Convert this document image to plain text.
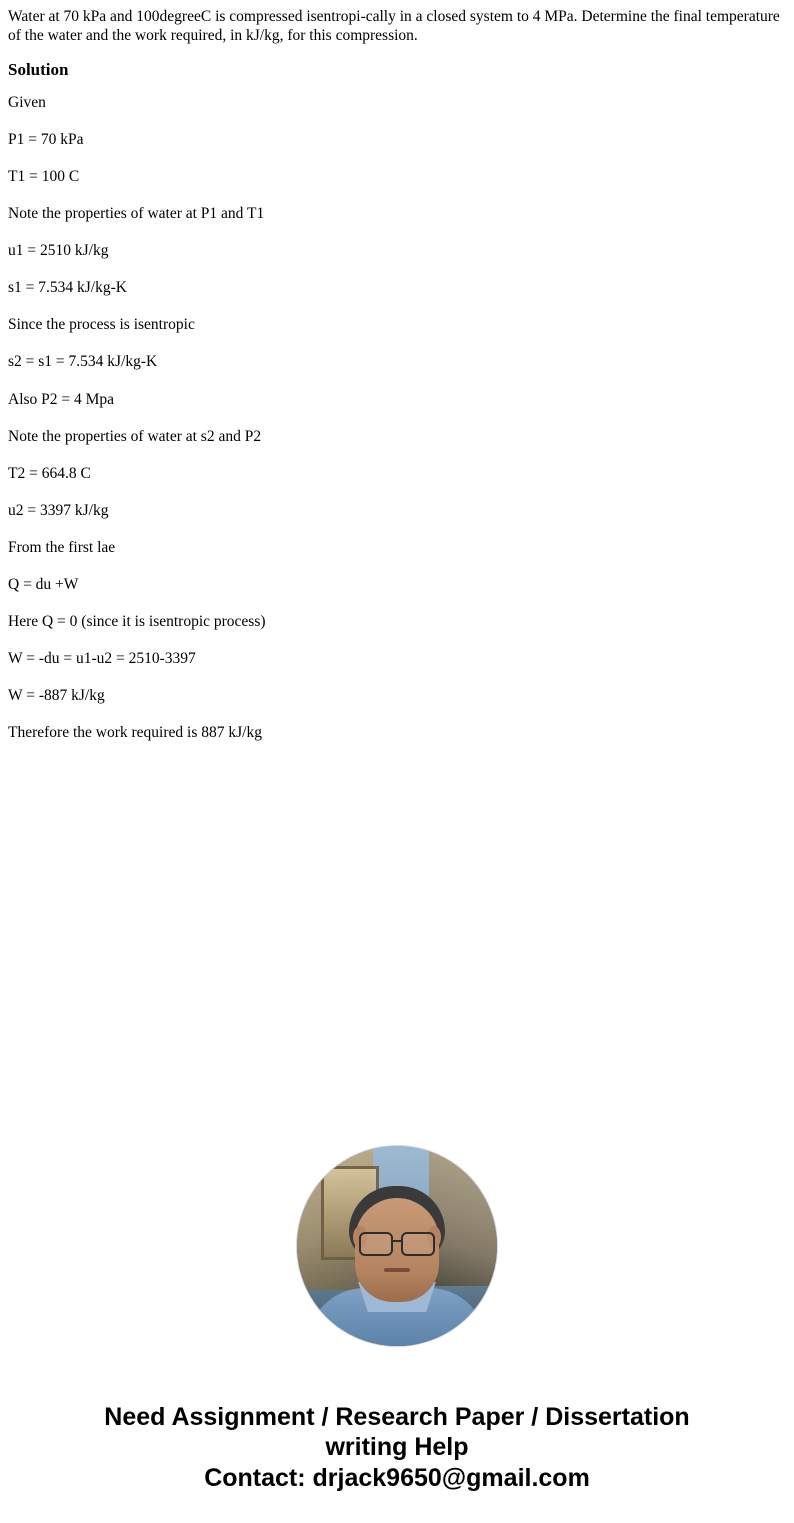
Water at 70 kPa and 100degreeC is compressed isentropi-cally in a closed system to 4 MPa. Determine the final temperature of the water and the work required, in kJ/kg, for this compression.

Solution

Given

P1 = 70 kPa

T1 = 100 C

Note the properties of water at P1 and T1

u1 = 2510 kJ/kg

s1 = 7.534 kJ/kg-K

Since the process is isentropic

s2 = s1 = 7.534 kJ/kg-K

Also P2 = 4 Mpa

Note the properties of water at s2 and P2

T2 = 664.8 C

u2 = 3397 kJ/kg

From the first lae

Q = du +W

Here Q = 0 (since it is isentropic process)

W = -du = u1-u2 = 2510-3397

W = -887 kJ/kg

Therefore the work required is 887 kJ/kg

Need Assignment / Research Paper / Dissertation
writing Help
Contact: drjack9650@gmail.com
